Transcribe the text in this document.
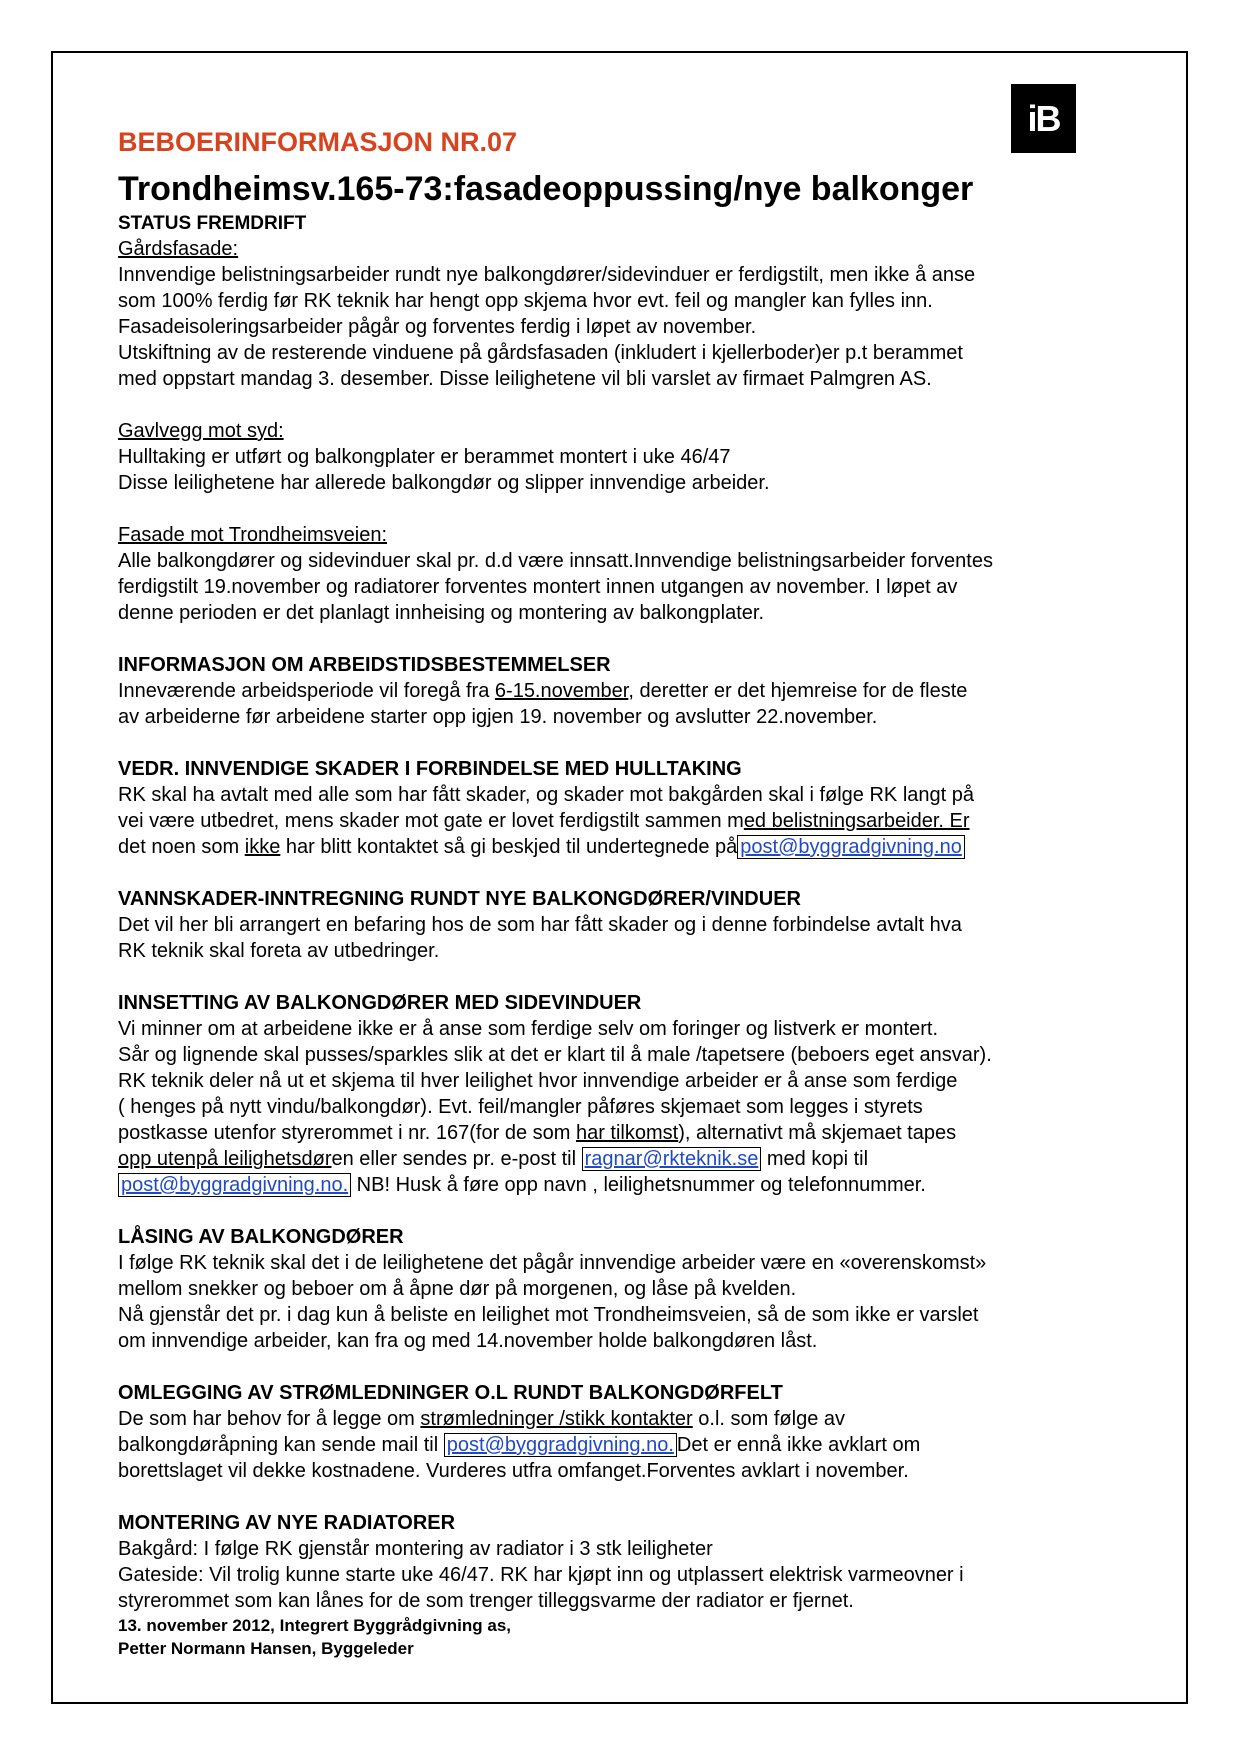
iB

BEBOERINFORMASJON NR.07

Trondheimsv.165-73:fasadeoppussing/nye balkonger

STATUS FREMDRIFT

Gårdsfasade:

Innvendige belistningsarbeider rundt nye balkongdører/sidevinduer er ferdigstilt, men ikke å anse

som 100% ferdig før RK teknik har hengt opp skjema hvor evt. feil og mangler kan fylles inn.

Fasadeisoleringsarbeider pågår og forventes ferdig i løpet av november.

Utskiftning av de resterende vinduene på gårdsfasaden (inkludert i kjellerboder)er p.t berammet

med oppstart mandag 3. desember. Disse leilighetene vil bli varslet av firmaet Palmgren AS.

Gavlvegg mot syd:

Hulltaking er utført og balkongplater er berammet montert i uke 46/47

Disse leilighetene har allerede balkongdør og slipper innvendige arbeider.

Fasade mot Trondheimsveien:

Alle balkongdører og sidevinduer skal pr. d.d være innsatt.Innvendige belistningsarbeider forventes

ferdigstilt 19.november og radiatorer forventes montert innen utgangen av november. I løpet av

denne perioden er det planlagt innheising og montering av balkongplater.

INFORMASJON OM ARBEIDSTIDSBESTEMMELSER

Inneværende arbeidsperiode vil foregå fra 6-15.november, deretter er det hjemreise for de fleste

av arbeiderne før arbeidene starter opp igjen 19. november og avslutter 22.november.

VEDR. INNVENDIGE SKADER I FORBINDELSE MED HULLTAKING

RK skal ha avtalt med alle som har fått skader, og skader mot bakgården skal i følge RK langt på

vei være utbedret, mens skader mot gate er lovet ferdigstilt sammen med belistningsarbeider. Er

det noen som ikke har blitt kontaktet så gi beskjed til undertegnede på post@byggradgivning.no

VANNSKADER-INNTREGNING RUNDT NYE BALKONGDØRER/VINDUER

Det vil her bli arrangert en befaring hos de som har fått skader og i denne forbindelse avtalt hva

RK teknik skal foreta av utbedringer.

INNSETTING AV BALKONGDØRER MED SIDEVINDUER

Vi minner om at arbeidene ikke er å anse som ferdige selv om foringer og listverk er montert.

Sår og lignende skal pusses/sparkles slik at det er klart til å male /tapetsere (beboers eget ansvar).

RK teknik deler nå ut et skjema til hver leilighet hvor innvendige arbeider er å anse som ferdige

( henges på nytt vindu/balkongdør). Evt. feil/mangler påføres skjemaet som legges i styrets

postkasse utenfor styrerommet i nr. 167(for de som har tilkomst), alternativt må skjemaet tapes

opp utenpå leilighetsdøren eller sendes pr. e-post til ragnar@rkteknik.se med kopi til

post@byggradgivning.no. NB! Husk å føre opp navn , leilighetsnummer og telefonnummer.

LÅSING AV BALKONGDØRER

I følge RK teknik skal det i de leilighetene det pågår innvendige arbeider være en «overenskomst»

mellom snekker og beboer om å åpne dør på morgenen, og låse på kvelden.

Nå gjenstår det pr. i dag kun å beliste en leilighet mot Trondheimsveien, så de som ikke er varslet

om innvendige arbeider, kan fra og med 14.november holde balkongdøren låst.

OMLEGGING AV STRØMLEDNINGER O.L RUNDT BALKONGDØRFELT

De som har behov for å legge om strømledninger /stikk kontakter o.l. som følge av

balkongdøråpning kan sende mail til post@byggradgivning.no. Det er ennå ikke avklart om

borettslaget vil dekke kostnadene. Vurderes utfra omfanget.Forventes avklart i november.

MONTERING AV NYE RADIATORER

Bakgård: I følge RK gjenstår montering av radiator i 3 stk leiligheter

Gateside: Vil trolig kunne starte uke 46/47. RK har kjøpt inn og utplassert elektrisk varmeovner i

styrerommet som kan lånes for de som trenger tilleggsvarme der radiator er fjernet.

13. november 2012, Integrert Byggrådgivning as,

Petter Normann Hansen, Byggeleder
